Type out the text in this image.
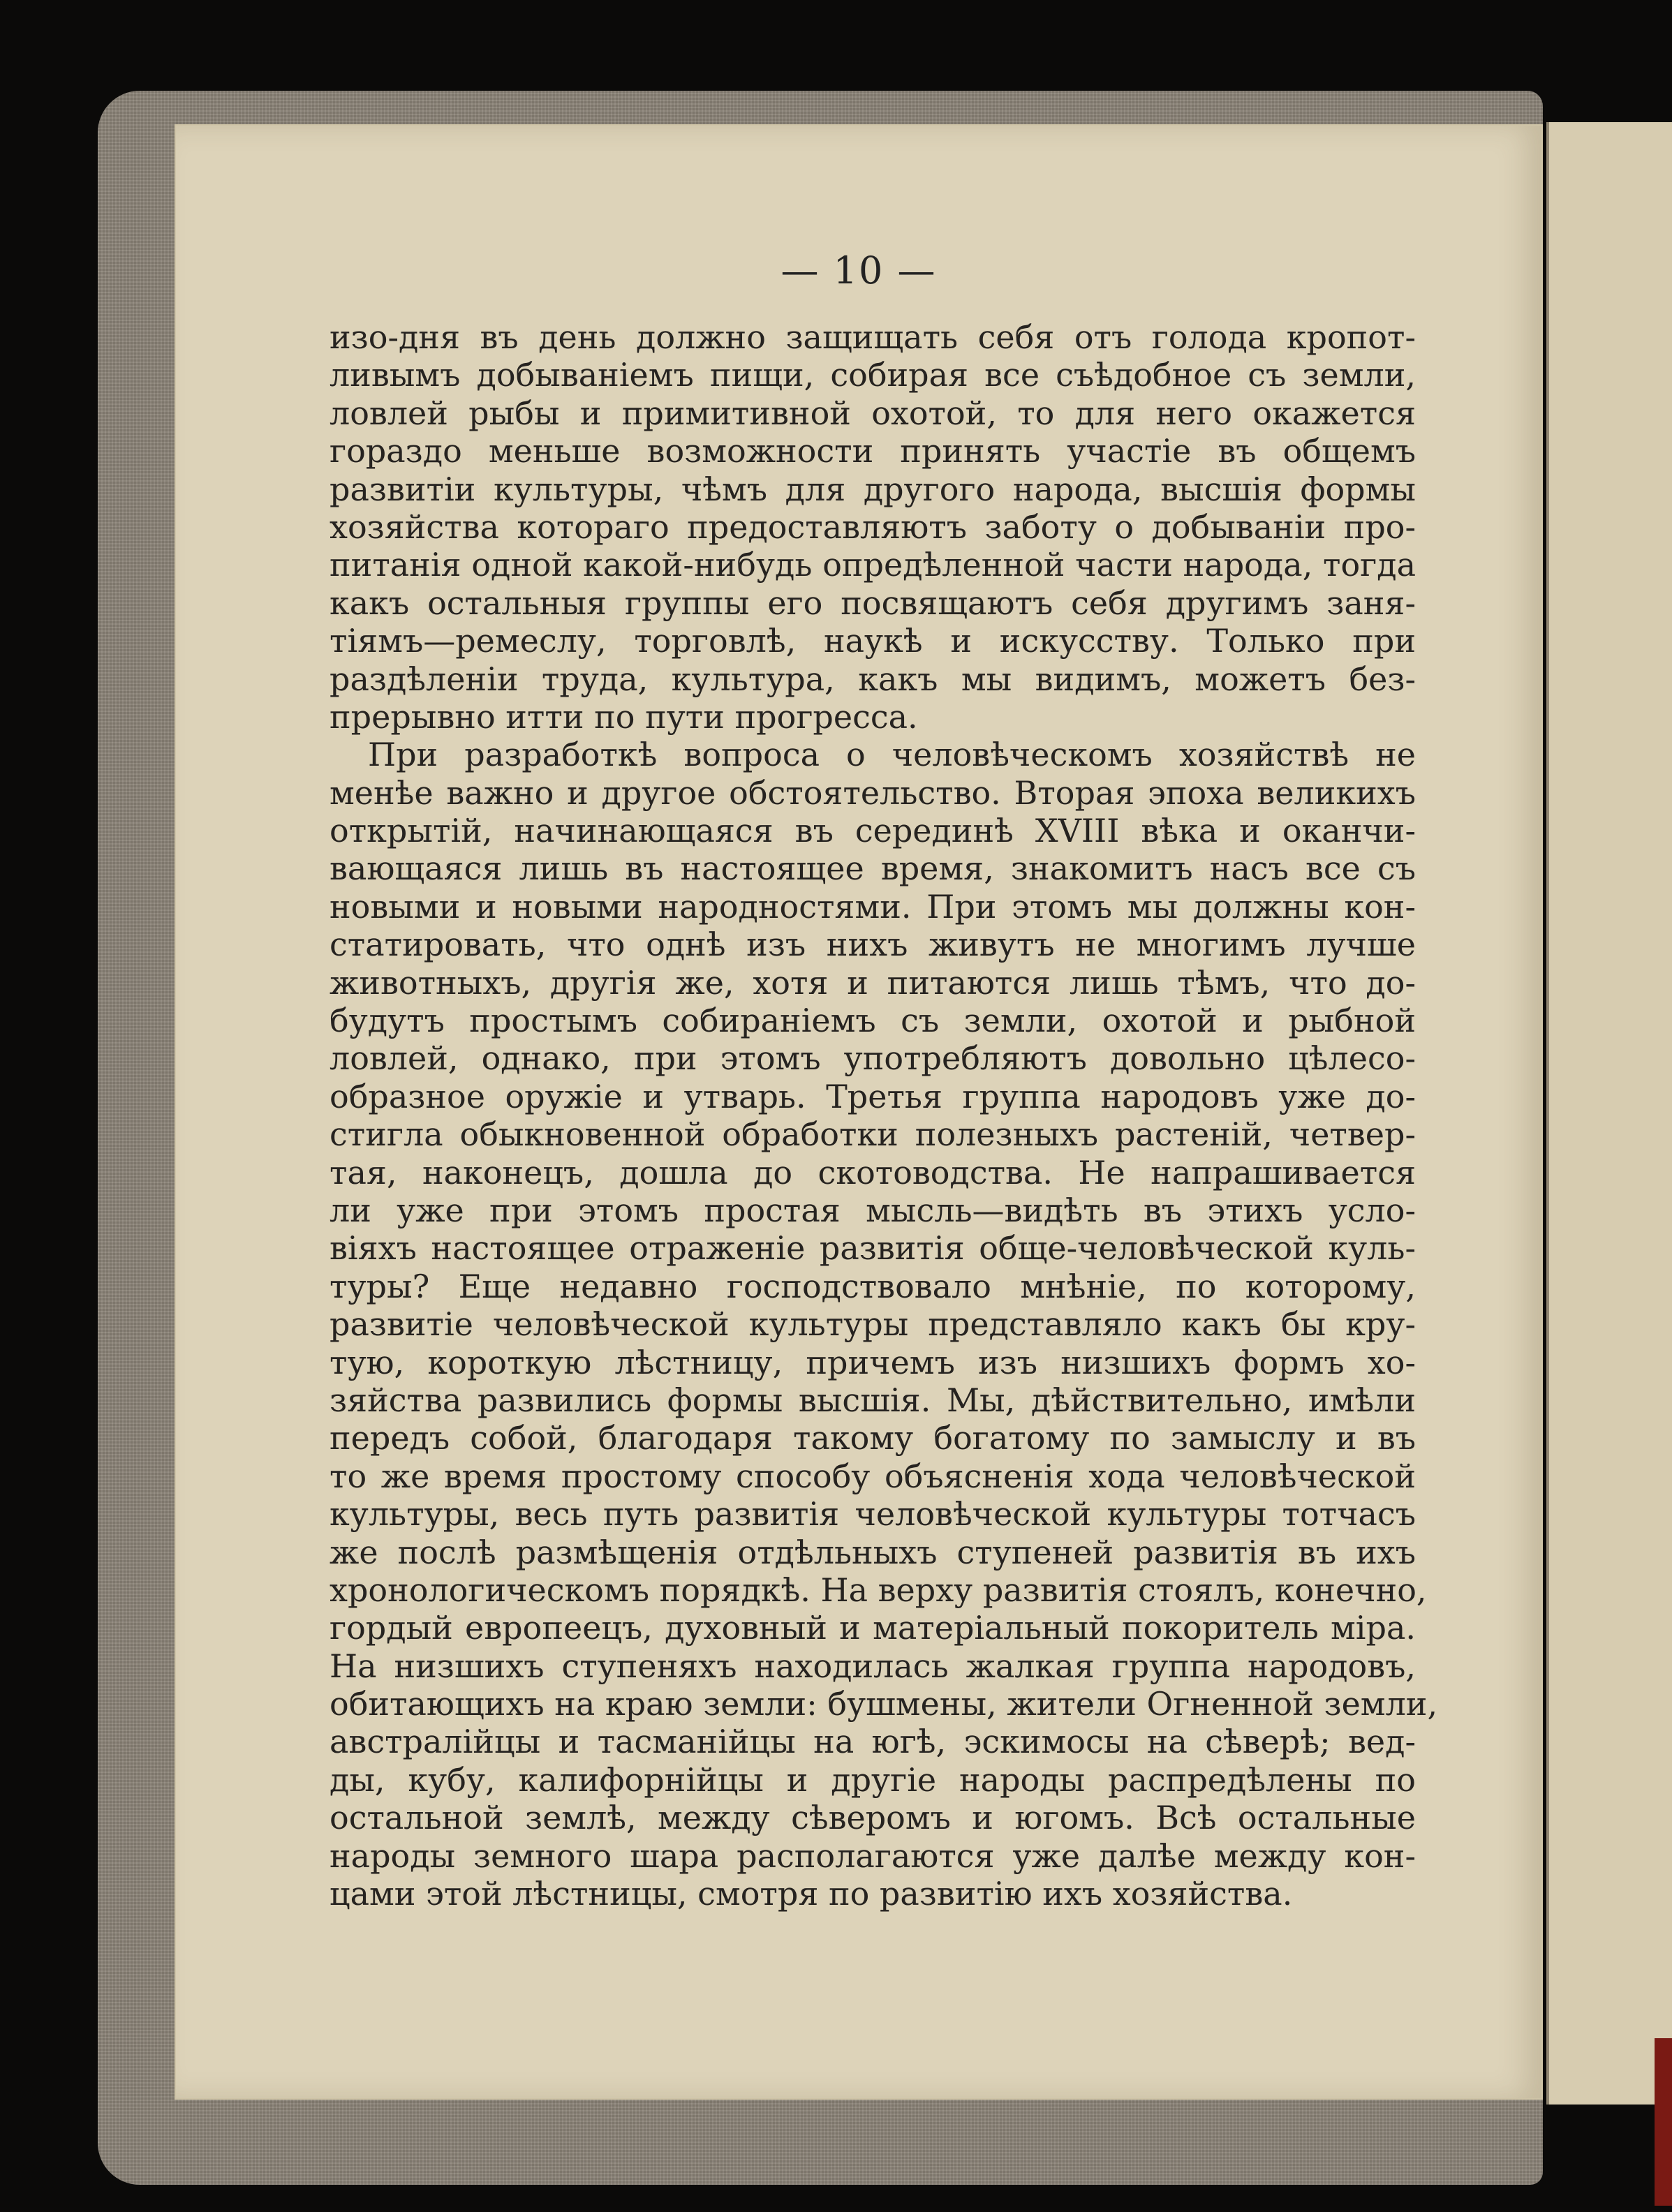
— 10 —
изо-дня въ день должно защищать себя отъ голода кропот-
ливымъ добыванiемъ пищи, собирая все съѣдобное съ земли,
ловлей рыбы и примитивной охотой, то для него окажется
гораздо меньше возможности принять участiе въ общемъ
развитiи культуры, чѣмъ для другого народа, высшiя формы
хозяйства котораго предоставляютъ заботу о добыванiи про-
питанiя одной какой-нибудь опредѣленной части народа, тогда
какъ остальныя группы его посвящаютъ себя другимъ заня-
тiямъ—ремеслу, торговлѣ, наукѣ и искусству. Только при
раздѣленiи труда, культура, какъ мы видимъ, можетъ без-
прерывно итти по пути прогресса.
При разработкѣ вопроса о человѣческомъ хозяйствѣ не
менѣе важно и другое обстоятельство. Вторая эпоха великихъ
открытiй, начинающаяся въ серединѣ XVIII вѣка и оканчи-
вающаяся лишь въ настоящее время, знакомитъ насъ все съ
новыми и новыми народностями. При этомъ мы должны кон-
статировать, что однѣ изъ нихъ живутъ не многимъ лучше
животныхъ, другiя же, хотя и питаются лишь тѣмъ, что до-
будутъ простымъ собиранiемъ съ земли, охотой и рыбной
ловлей, однако, при этомъ употребляютъ довольно цѣлесо-
образное оружiе и утварь. Третья группа народовъ уже до-
стигла обыкновенной обработки полезныхъ растенiй, четвер-
тая, наконецъ, дошла до скотоводства. Не напрашивается
ли уже при этомъ простая мысль—видѣть въ этихъ усло-
вiяхъ настоящее отраженiе развитiя обще-человѣческой куль-
туры? Еще недавно господствовало мнѣнiе, по которому,
развитiе человѣческой культуры представляло какъ бы кру-
тую, короткую лѣстницу, причемъ изъ низшихъ формъ хо-
зяйства развились формы высшiя. Мы, дѣйствительно, имѣли
передъ собой, благодаря такому богатому по замыслу и въ
то же время простому способу объясненiя хода человѣческой
культуры, весь путь развитiя человѣческой культуры тотчасъ
же послѣ размѣщенiя отдѣльныхъ ступеней развитiя въ ихъ
хронологическомъ порядкѣ. На верху развитiя стоялъ, конечно,
гордый европеецъ, духовный и матерiальный покоритель мiра.
На низшихъ ступеняхъ находилась жалкая группа народовъ,
обитающихъ на краю земли: бушмены, жители Огненной земли,
австралiйцы и тасманiйцы на югѣ, эскимосы на сѣверѣ; вед-
ды, кубу, калифорнiйцы и другiе народы распредѣлены по
остальной землѣ, между сѣверомъ и югомъ. Всѣ остальные
народы земного шара располагаются уже далѣе между кон-
цами этой лѣстницы, смотря по развитiю ихъ хозяйства.
